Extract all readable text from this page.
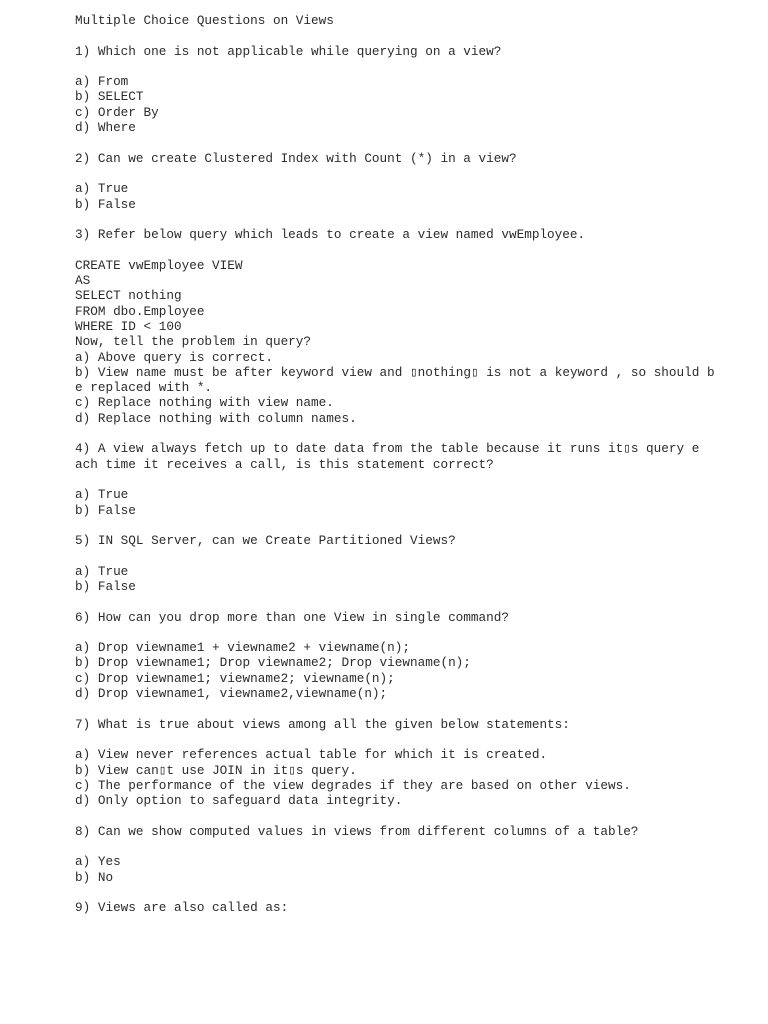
Multiple Choice Questions on Views
1) Which one is not applicable while querying on a view?
a) From
b) SELECT
c) Order By
d) Where
2) Can we create Clustered Index with Count (*) in a view?
a) True
b) False
3) Refer below query which leads to create a view named vwEmployee.
CREATE vwEmployee VIEW
AS
SELECT nothing
FROM dbo.Employee
WHERE ID < 100
Now, tell the problem in query?
a) Above query is correct.
b) View name must be after keyword view and ▯nothing▯ is not a keyword , so should b
e replaced with *.
c) Replace nothing with view name.
d) Replace nothing with column names.
4) A view always fetch up to date data from the table because it runs it▯s query e
ach time it receives a call, is this statement correct?
a) True
b) False
5) IN SQL Server, can we Create Partitioned Views?
a) True
b) False
6) How can you drop more than one View in single command?
a) Drop viewname1 + viewname2 + viewname(n);
b) Drop viewname1; Drop viewname2; Drop viewname(n);
c) Drop viewname1; viewname2; viewname(n);
d) Drop viewname1, viewname2,viewname(n);
7) What is true about views among all the given below statements:
a) View never references actual table for which it is created.
b) View can▯t use JOIN in it▯s query.
c) The performance of the view degrades if they are based on other views.
d) Only option to safeguard data integrity.
8) Can we show computed values in views from different columns of a table?
a) Yes
b) No
9) Views are also called as:
